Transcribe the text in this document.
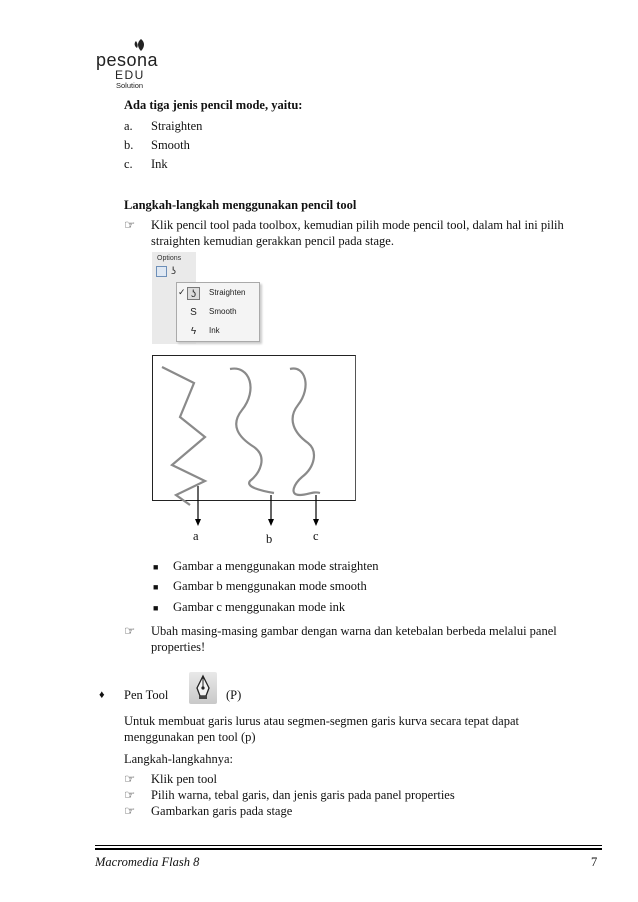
pesona
EDU
Solution
Ada tiga jenis pencil mode, yaitu:
a. Straighten
b. Smooth
c. Ink
Langkah-langkah menggunakan pencil tool
☞ Klik pencil tool pada toolbox, kemudian pilih mode pencil tool, dalam hal ini pilih
straighten kemudian gerakkan pencil pada stage.
Options
ʖ
✓ ʖ	Straighten
S	Smooth
ϟ	Ink
a	b	c
■ Gambar a menggunakan mode straighten
■ Gambar b menggunakan mode smooth
■ Gambar c menggunakan mode ink
☞ Ubah masing-masing gambar dengan warna dan ketebalan berbeda melalui panel
properties!
♦ Pen Tool	(P)
Untuk membuat garis lurus atau segmen-segmen garis kurva secara tepat dapat
menggunakan pen tool (p)
Langkah-langkahnya:
☞ Klik pen tool
☞ Pilih warna, tebal garis, dan jenis garis pada panel properties
☞ Gambarkan garis pada stage
Macromedia Flash 8	7
